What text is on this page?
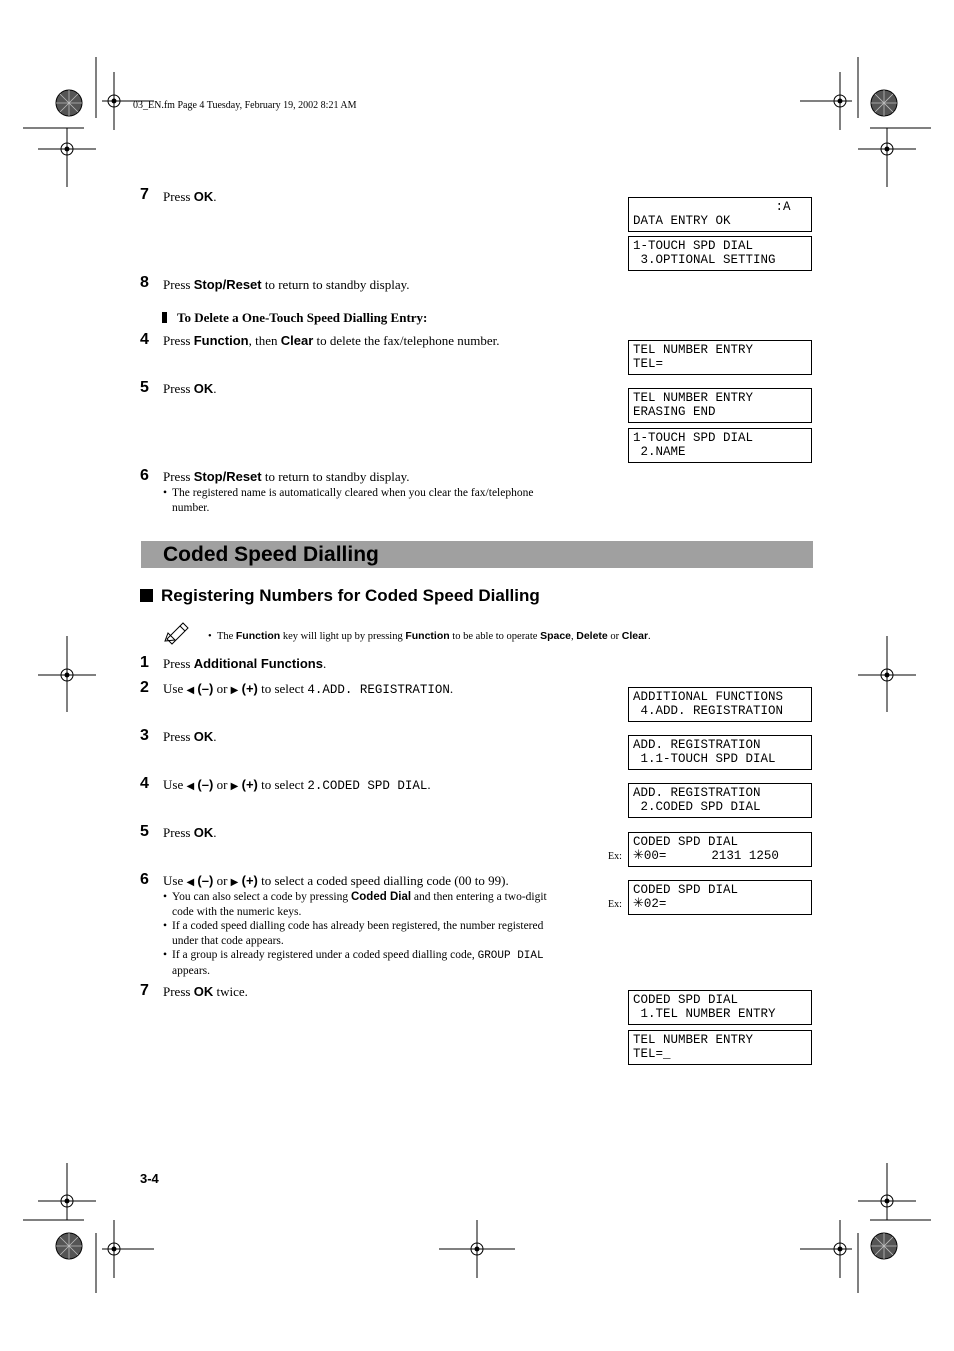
03_EN.fm Page 4 Tuesday, February 19, 2002 8:21 AM
7 Press OK.
8 Press Stop/Reset to return to standby display.
To Delete a One-Touch Speed Dialling Entry:
4 Press Function, then Clear to delete the fax/telephone number.
5 Press OK.
6 Press Stop/Reset to return to standby display.
• The registered name is automatically cleared when you clear the fax/telephone
number.
:A
DATA ENTRY OK
1-TOUCH SPD DIAL
3.OPTIONAL SETTING
TEL NUMBER ENTRY
TEL=
TEL NUMBER ENTRY
ERASING END
1-TOUCH SPD DIAL
2.NAME
Coded Speed Dialling
Registering Numbers for Coded Speed Dialling
•  The Function key will light up by pressing Function to be able to operate Space, Delete or Clear.
1 Press Additional Functions.
2 Use ◀ (–) or ▶ (+) to select 4.ADD. REGISTRATION.
3 Press OK.
4 Use ◀ (–) or ▶ (+) to select 2.CODED SPD DIAL.
5 Press OK.
6 Use ◀ (–) or ▶ (+) to select a coded speed dialling code (00 to 99).
• You can also select a code by pressing Coded Dial and then entering a two-digit
code with the numeric keys.
• If a coded speed dialling code has already been registered, the number registered
under that code appears.
• If a group is already registered under a coded speed dialling code, GROUP DIAL
appears.
7 Press OK twice.
ADDITIONAL FUNCTIONS
4.ADD. REGISTRATION
ADD. REGISTRATION
1.1-TOUCH SPD DIAL
ADD. REGISTRATION
2.CODED SPD DIAL
Ex:
CODED SPD DIAL
✳00=      2131 1250
Ex:
CODED SPD DIAL
✳02=
CODED SPD DIAL
1.TEL NUMBER ENTRY
TEL NUMBER ENTRY
TEL=_
3-4
